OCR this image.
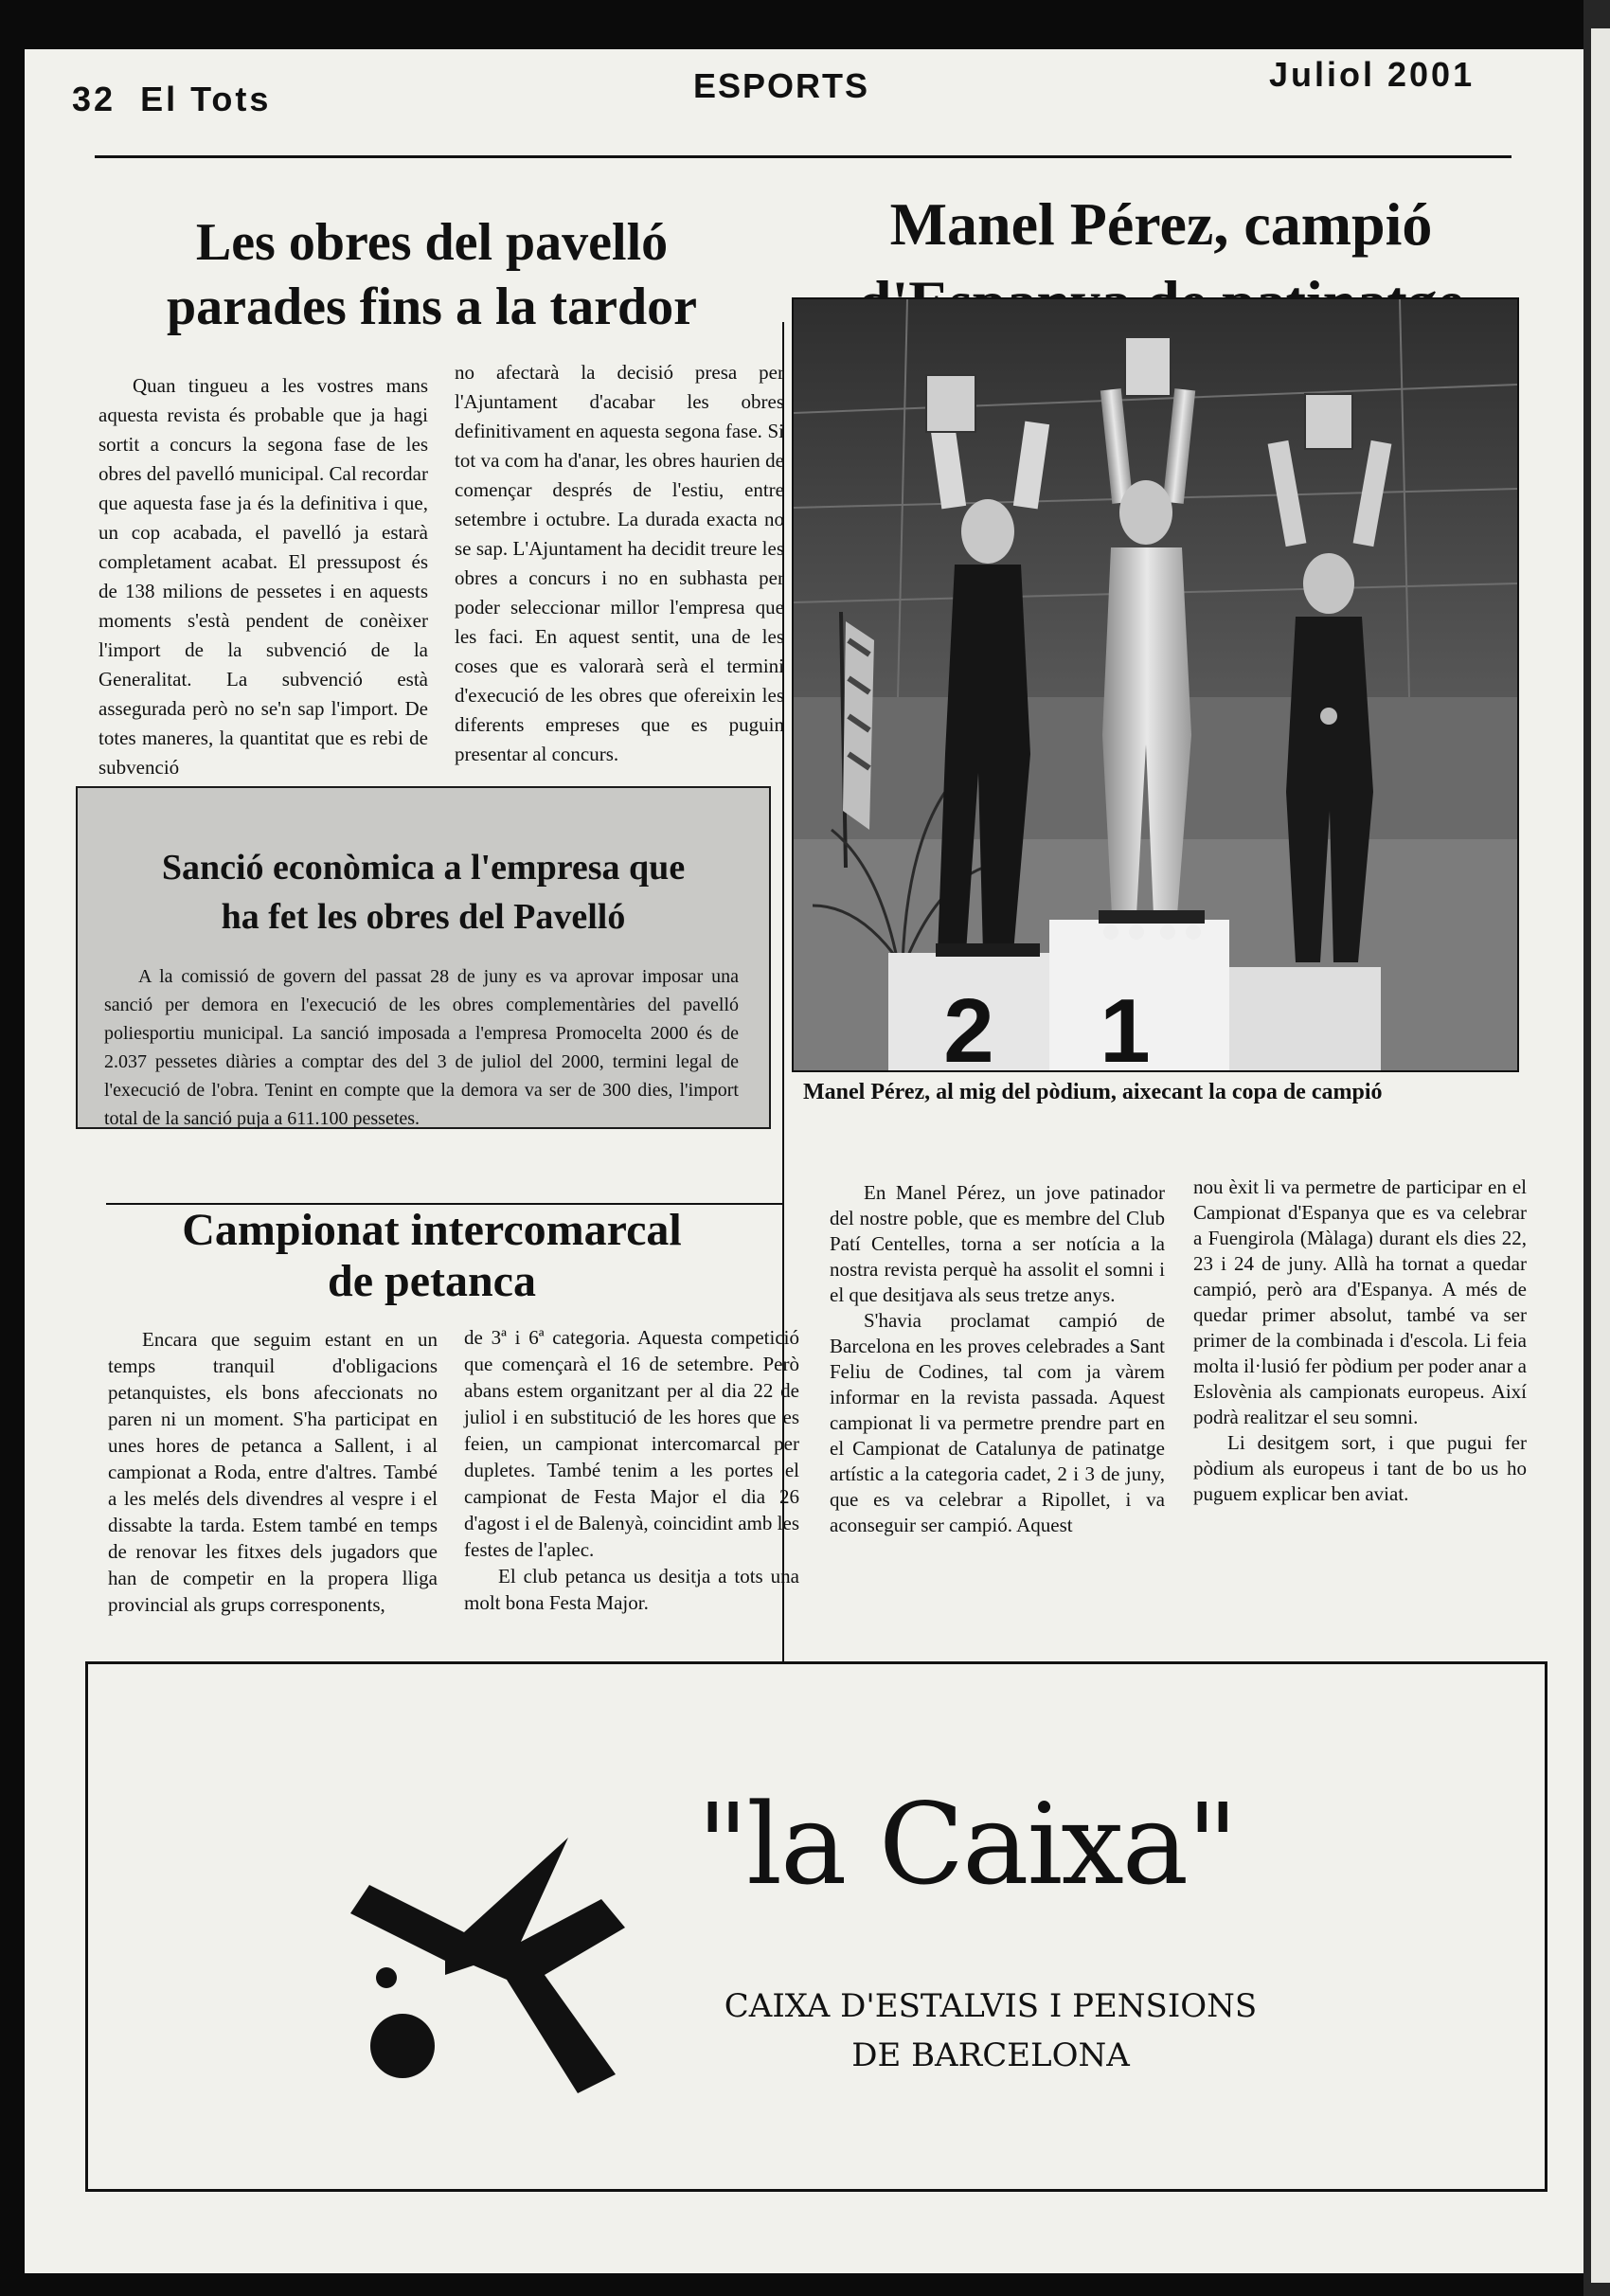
32 El Tots	ESPORTS	Juliol 2001
Les obres del pavelló
parades fins a la tardor
Quan tingueu a les vostres mans aquesta revista és probable que ja hagi sortit a concurs la segona fase de les obres del pavelló municipal. Cal recordar que aquesta fase ja és la definitiva i que, un cop acabada, el pavelló ja estarà completament acabat. El pressupost és de 138 milions de pessetes i en aquests moments s'està pendent de conèixer l'import de la subvenció de la Generalitat. La subvenció està assegurada però no se'n sap l'import. De totes maneres, la quantitat que es rebi de subvenció
no afectarà la decisió presa per l'Ajuntament d'acabar les obres definitivament en aquesta segona fase. Si tot va com ha d'anar, les obres haurien de començar després de l'estiu, entre setembre i octubre. La durada exacta no se sap. L'Ajuntament ha decidit treure les obres a concurs i no en subhasta per poder seleccionar millor l'empresa que les faci. En aquest sentit, una de les coses que es valorarà serà el termini d'execució de les obres que ofereixin les diferents empreses que es puguin presentar al concurs.
Sanció econòmica a l'empresa que
ha fet les obres del Pavelló
A la comissió de govern del passat 28 de juny es va aprovar imposar una sanció per demora en l'execució de les obres complementàries del pavelló poliesportiu municipal. La sanció imposada a l'empresa Promocelta 2000 és de 2.037 pessetes diàries a comptar des del 3 de juliol del 2000, termini legal de l'execució de l'obra. Tenint en compte que la demora va ser de 300 dies, l'import total de la sanció puja a 611.100 pessetes.
Campionat intercomarcal
de petanca
Encara que seguim estant en un temps tranquil d'obligacions petanquistes, els bons afeccionats no paren ni un moment. S'ha participat en unes hores de petanca a Sallent, i al campionat a Roda, entre d'altres. També a les melés dels divendres al vespre i el dissabte la tarda. Estem també en temps de renovar les fitxes dels jugadors que han de competir en la propera lliga provincial als grups corresponents,

de 3ª i 6ª categoria. Aquesta competició que començarà el 16 de setembre. Però abans estem organitzant per al dia 22 de juliol i en substitució de les hores que es feien, un campionat intercomarcal per dupletes. També tenim a les portes el campionat de Festa Major el dia 26 d'agost i el de Balenyà, coincidint amb les festes de l'aplec.

El club petanca us desitja a tots una molt bona Festa Major.

Manel Pérez, campió

2 1
Manel Pérez, al mig del pòdium, aixecant la copa de campió

En Manel Pérez, un jove patinador del nostre poble, que es membre del Club Patí Centelles, torna a ser notícia a la nostra revista perquè ha assolit el somni i el que desitjava als seus tretze anys.

S'havia proclamat campió de Barcelona en les proves celebrades a Sant Feliu de Codines, tal com ja vàrem informar en la revista passada. Aquest campionat li va permetre prendre part en el Campionat de Catalunya de patinatge artístic a la categoria cadet, 2 i 3 de juny, que es va celebrar a Ripollet, i va aconseguir ser campió. Aquest

nou èxit li va permetre de participar en el Campionat d'Espanya que es va celebrar a Fuengirola (Màlaga) durant els dies 22, 23 i 24 de juny. Allà ha tornat a quedar campió, però ara d'Espanya. A més de quedar primer absolut, també va ser primer de la combinada i d'escola. Li feia molta il·lusió fer pòdium per poder anar a Eslovènia als campionats europeus. Així podrà realitzar el seu somni.

Li desitgem sort, i que pugui fer pòdium als europeus i tant de bo us ho puguem explicar ben aviat.

"la Caixa"
CAIXA D'ESTALVIS I PENSIONS
DE BARCELONA
